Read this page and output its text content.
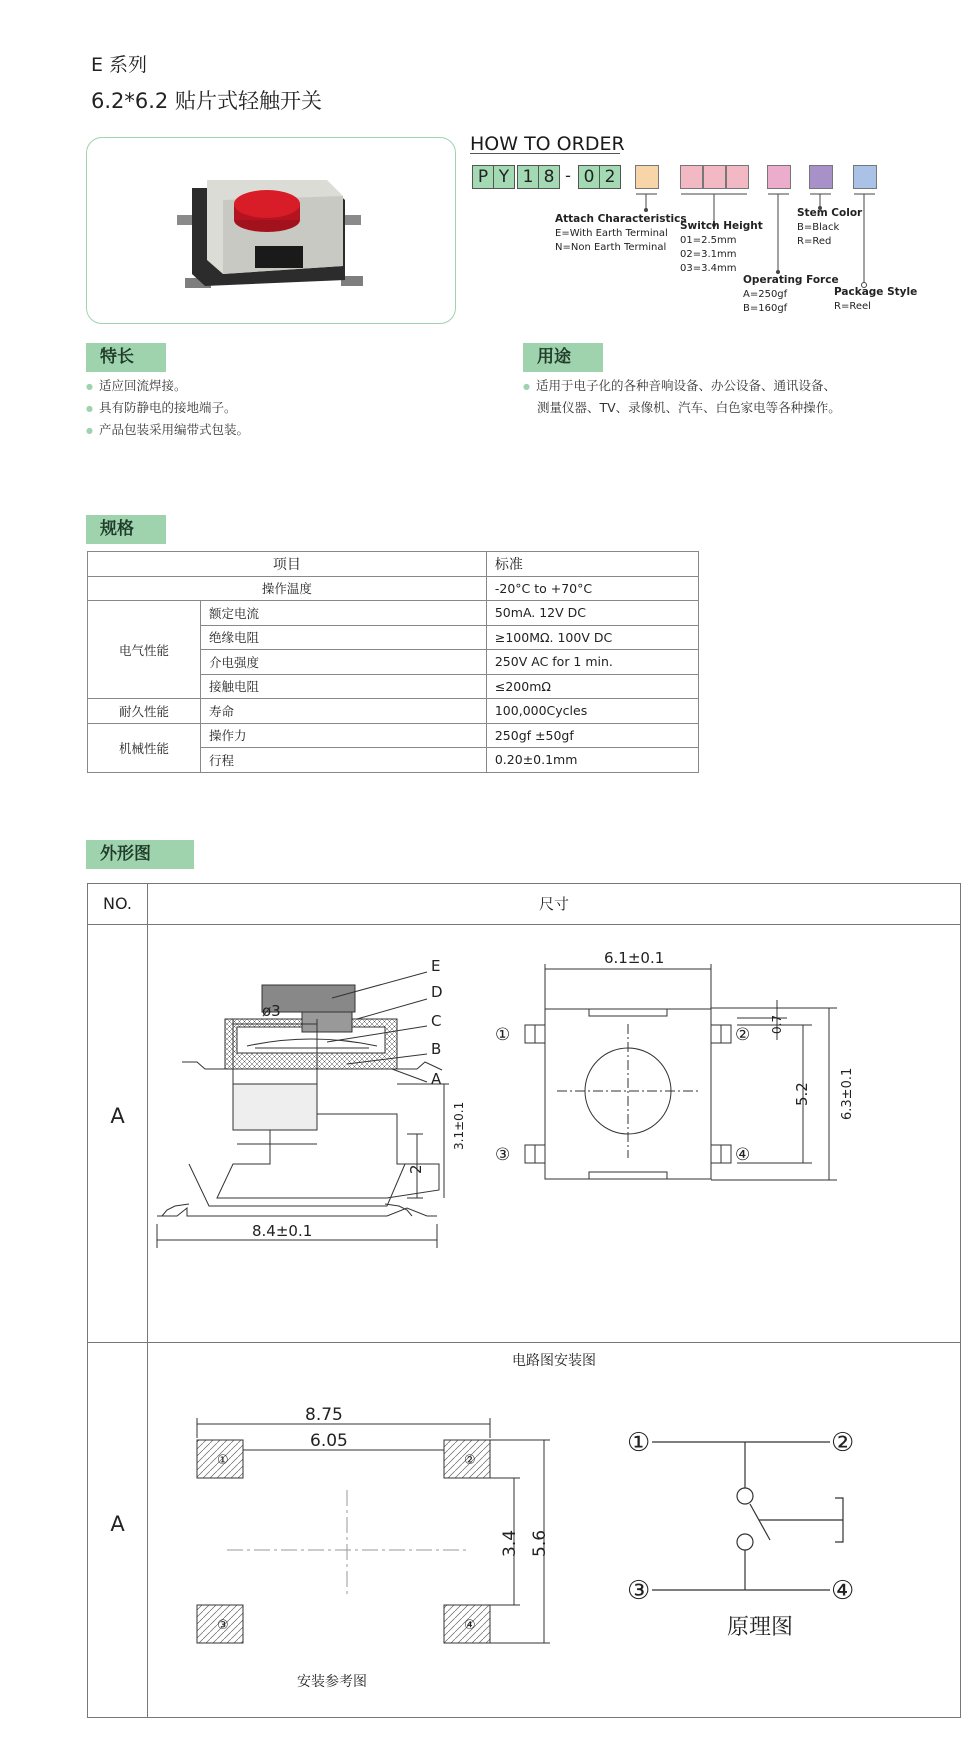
E 系列
6.2*6.2 贴片式轻触开关
HOW TO ORDER
P Y 1 8 - 0 2
Attach Characteristics
E=With Earth Terminal
N=Non Earth Terminal
Switch Height
01=2.5mm
02=3.1mm
03=3.4mm
Operating Force
A=250gf
B=160gf
Stem Color
B=Black
R=Red
Package Style
R=Reel
特长
● 适应回流焊接。
● 具有防静电的接地端子。
● 产品包装采用编带式包装。
用途
● 适用于电子化的各种音响设备、办公设备、通讯设备、
测量仪器、TV、录像机、汽车、白色家电等各种操作。
规格
项目		标准
操作温度		-20°C to +70°C
电气性能	额定电流	50mA. 12V DC
	绝缘电阻	≥100MΩ. 100V DC
	介电强度	250V AC for 1 min.
	接触电阻	≤200mΩ
耐久性能	寿命	100,000Cycles
机械性能	操作力	250gf ±50gf
	行程	0.20±0.1mm
外形图
NO.	尺寸
A
A
电路图安装图
E
D
C
B
A
ø3
8.4±0.1
6.1±0.1
2
3.1±0.1
0.7
5.2 6.3±0.1
①	②
③	④
8.75
6.05
3.4 5.6
①	②
③	④
安装参考图
原理图
①	②
③	④
